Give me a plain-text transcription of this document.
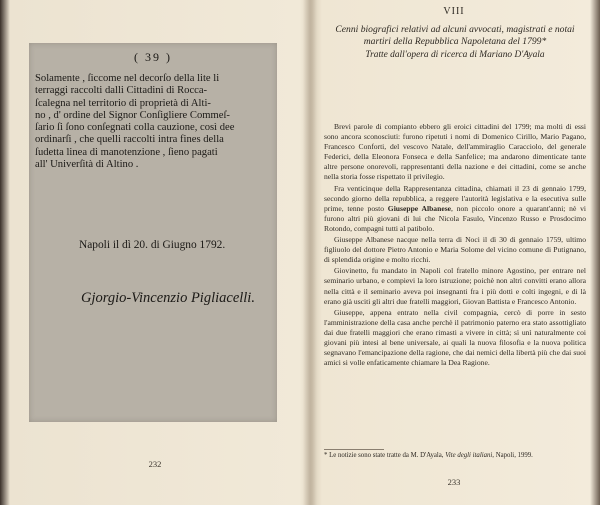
( 39 )
Solamente , ſiccome nel decorſo della lite li
terraggi raccolti dalli Cittadini di Rocca-
ſcalegna nel territorio di proprietà di Alti-
no , d' ordine del Signor Conſigliere Commeſ-
ſario ſi ſono conſegnati colla cauzione, così dee
ordinarſi , che quelli raccolti intra fines della
ſudetta linea di manotenzione , ſieno pagati
all' Univerſità di Altino .
Napoli il dì 20. di Giugno 1792.
Gjorgio-Vincenzio Pigliacelli.
232
VIII
Cenni biografici relativi ad alcuni avvocati, magistrati e notai martiri della Repubblica Napoletana del 1799*
Tratte dall'opera di ricerca di Mariano D'Ayala

Brevi parole di compianto ebbero gli eroici cittadini del 1799; ma molti di essi sono ancora sconosciuti: furono ripetuti i nomi di Domenico Cirillo, Mario Pagano, Francesco Conforti, del vescovo Natale, dell'ammiraglio Caracciolo, del generale Federici, della Eleonora Fonseca e della Sanfelice; ma andarono dimenticate tante altre persone onorevoli, rappresentanti della nazione e dei cittadini, come se anche nella storia fosse rispettato il privilegio.

Fra venticinque della Rappresentanza cittadina, chiamati il 23 di gennaio 1799, secondo giorno della repubblica, a reggere l'autorità legislativa e la esecutiva sulle prime, tenne posto Giuseppe Albanese, non piccolo onore a quarant'anni; nè vi furono altri più giovani di lui che Nicola Fasulo, Vincenzo Russo e Prosdocimo Rotondo, compagni tutti al patibolo.

Giuseppe Albanese nacque nella terra di Noci il dì 30 di gennaio 1759, ultimo figliuolo del dottore Pietro Antonio e Maria Solome del vicino comune di Putignano, di splendida origine e molto ricchi.

Giovinetto, fu mandato in Napoli col fratello minore Agostino, per entrare nel seminario urbano, e compievi la loro istruzione; poichè non altri convitti erano allora nella città e il seminario aveva poi insegnanti fra i più dotti e colti ingegni, e di là erano già usciti gli altri due fratelli maggiori, Giovan Battista e Francesco Antonio.

Giuseppe, appena entrato nella civil compagnia, cercò di porre in sesto l'amministrazione della casa anche perchè il patrimonio paterno era stato assottigliato dai due fratelli maggiori che erano rimasti a vivere in città; sì unì naturalmente coi giovani più intesi al bene universale, ai quali la nuova filosofia e la nuova politica segnavano l'emancipazione della ragione, che dai nemici della libertà più che dai suoi amici si volle enfaticamente chiamare la Dea Ragione.

* Le notizie sono state tratte da M. D'Ayala, Vite degli italiani, Napoli, 1999.
233
